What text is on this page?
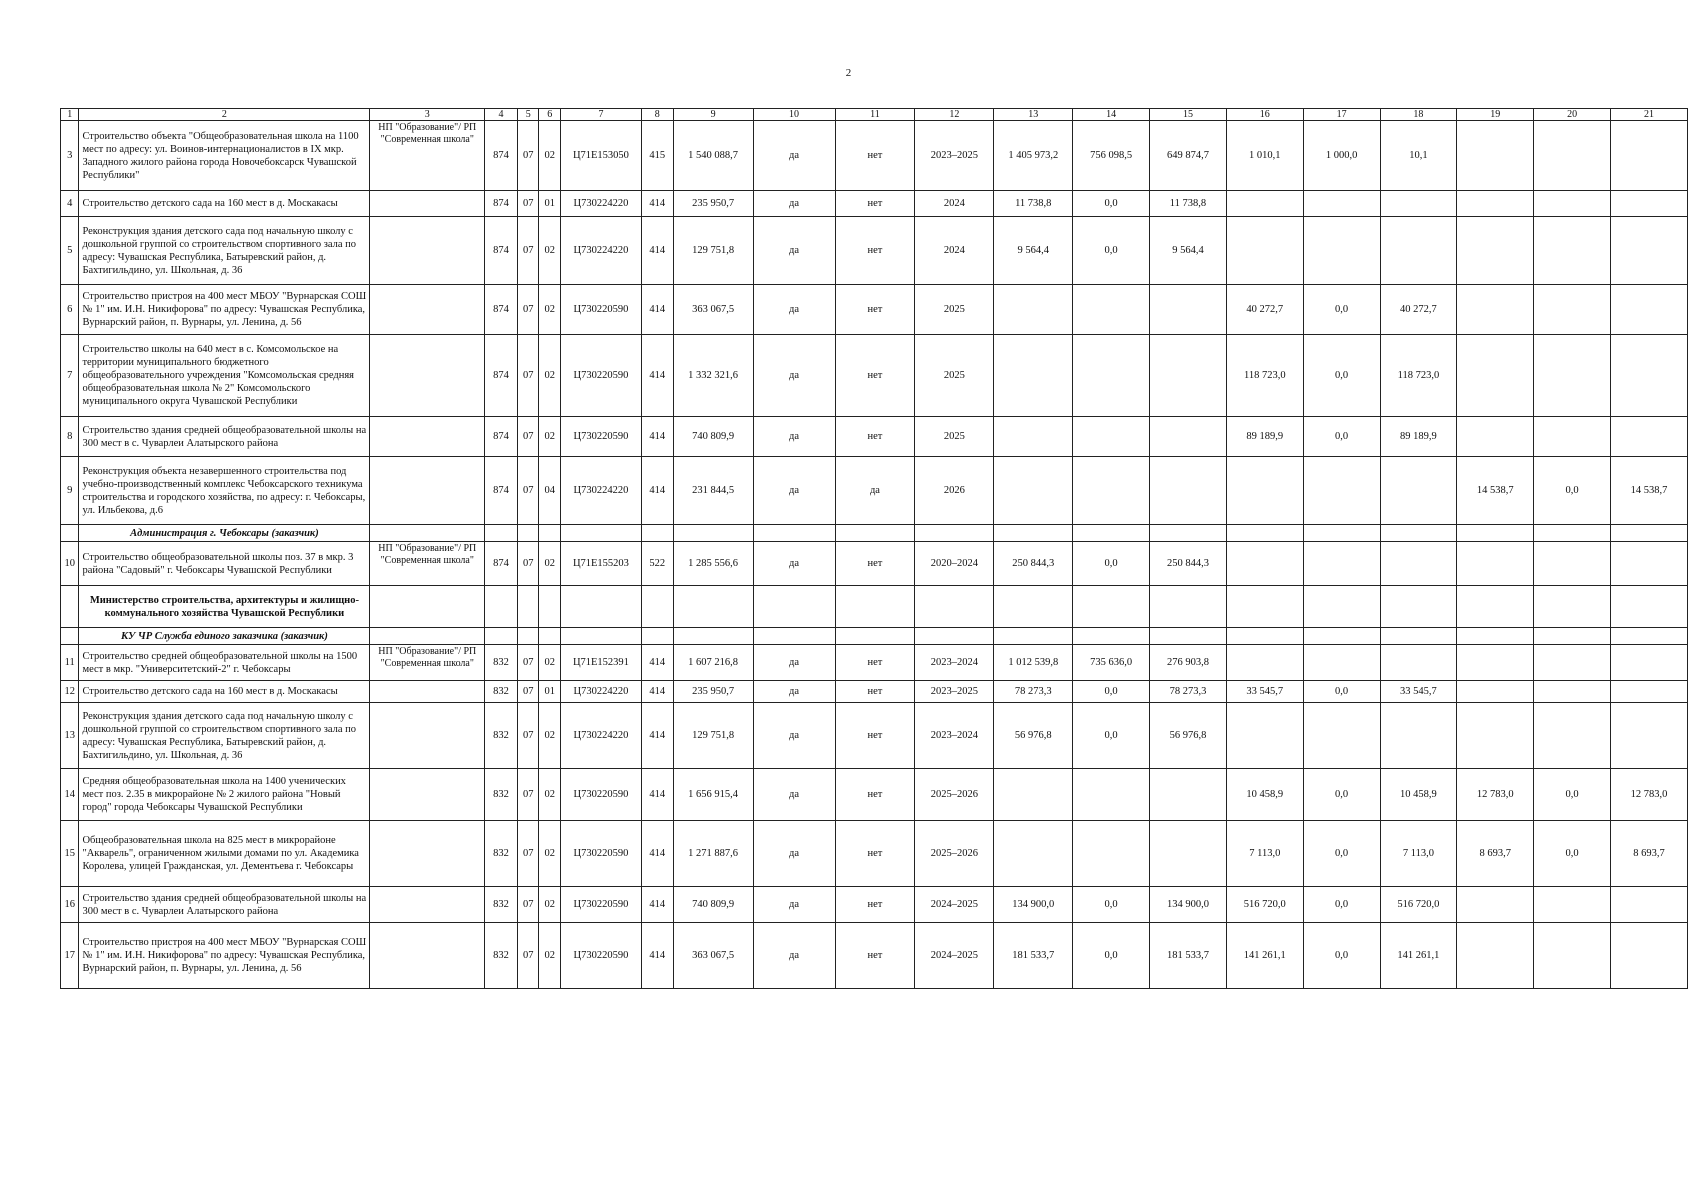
2
1	2	3	4	5	6	7	8	9	10	11	12	13	14	15	16	17	18	19	20	21
3	Строительство объекта "Общеобразовательная школа на 1100 мест по адресу: ул. Воинов-интернационалистов в IX мкр. Западного жилого района города Новочебоксарск Чувашской Республики"	НП "Образование"/ РП "Современная школа"	874	07	02	Ц71Е153050	415	1 540 088,7	да	нет	2023–2025	1 405 973,2	756 098,5	649 874,7	1 010,1	1 000,0	10,1			
4	Строительство детского сада на 160 мест в д. Москакасы		874	07	01	Ц730224220	414	235 950,7	да	нет	2024	11 738,8	0,0	11 738,8						
5	Реконструкция здания детского сада под начальную школу с дошкольной группой со строительством спортивного зала по адресу: Чувашская Республика, Батыревский район, д. Бахтигильдино, ул. Школьная, д. 36		874	07	02	Ц730224220	414	129 751,8	да	нет	2024	9 564,4	0,0	9 564,4						
6	Строительство пристроя на 400 мест МБОУ "Вурнарская СОШ № 1" им. И.Н. Никифорова" по адресу: Чувашская Республика, Вурнарский район, п. Вурнары, ул. Ленина, д. 56		874	07	02	Ц730220590	414	363 067,5	да	нет	2025				40 272,7	0,0	40 272,7			
7	Строительство школы на 640 мест в с. Комсомольское на территории муниципального бюджетного общеобразовательного учреждения "Комсомольская средняя общеобразовательная школа № 2" Комсомольского муниципального округа Чувашской Республики		874	07	02	Ц730220590	414	1 332 321,6	да	нет	2025				118 723,0	0,0	118 723,0			
8	Строительство здания средней общеобразовательной школы на 300 мест в с. Чуварлеи Алатырского района		874	07	02	Ц730220590	414	740 809,9	да	нет	2025				89 189,9	0,0	89 189,9			
9	Реконструкция объекта незавершенного строительства под учебно-производственный комплекс Чебоксарского техникума строительства и городского хозяйства, по адресу: г. Чебоксары, ул. Ильбекова, д.6		874	07	04	Ц730224220	414	231 844,5	да	да	2026							14 538,7	0,0	14 538,7
	Администрация г. Чебоксары (заказчик)																			
10	Строительство общеобразовательной школы поз. 37 в мкр. 3 района "Садовый" г. Чебоксары Чувашской Республики	НП "Образование"/ РП "Современная школа"	874	07	02	Ц71Е155203	522	1 285 556,6	да	нет	2020–2024	250 844,3	0,0	250 844,3						
	Министерство строительства, архитектуры и жилищно-коммунального хозяйства Чувашской Республики																			
	КУ ЧР Служба единого заказчика (заказчик)																			
11	Строительство средней общеобразовательной школы на 1500 мест в мкр. "Университетский-2" г. Чебоксары	НП "Образование"/ РП "Современная школа"	832	07	02	Ц71Е152391	414	1 607 216,8	да	нет	2023–2024	1 012 539,8	735 636,0	276 903,8						
12	Строительство детского сада на 160 мест в д. Москакасы		832	07	01	Ц730224220	414	235 950,7	да	нет	2023–2025	78 273,3	0,0	78 273,3	33 545,7	0,0	33 545,7			
13	Реконструкция здания детского сада под начальную школу с дошкольной группой со строительством спортивного зала по адресу: Чувашская Республика, Батыревский район, д. Бахтигильдино, ул. Школьная, д. 36		832	07	02	Ц730224220	414	129 751,8	да	нет	2023–2024	56 976,8	0,0	56 976,8						
14	Средняя общеобразовательная школа на 1400 ученических мест поз. 2.35 в микрорайоне № 2 жилого района "Новый город" города Чебоксары Чувашской Республики		832	07	02	Ц730220590	414	1 656 915,4	да	нет	2025–2026				10 458,9	0,0	10 458,9	12 783,0	0,0	12 783,0
15	Общеобразовательная школа на 825 мест в микрорайоне "Акварель", ограниченном жилыми домами по ул. Академика Королева, улицей Гражданская, ул. Дементьева г. Чебоксары		832	07	02	Ц730220590	414	1 271 887,6	да	нет	2025–2026				7 113,0	0,0	7 113,0	8 693,7	0,0	8 693,7
16	Строительство здания средней общеобразовательной школы на 300 мест в с. Чуварлеи Алатырского района		832	07	02	Ц730220590	414	740 809,9	да	нет	2024–2025	134 900,0	0,0	134 900,0	516 720,0	0,0	516 720,0			
17	Строительство пристроя на 400 мест МБОУ "Вурнарская СОШ № 1" им. И.Н. Никифорова" по адресу: Чувашская Республика, Вурнарский район, п. Вурнары, ул. Ленина, д. 56		832	07	02	Ц730220590	414	363 067,5	да	нет	2024–2025	181 533,7	0,0	181 533,7	141 261,1	0,0	141 261,1			
